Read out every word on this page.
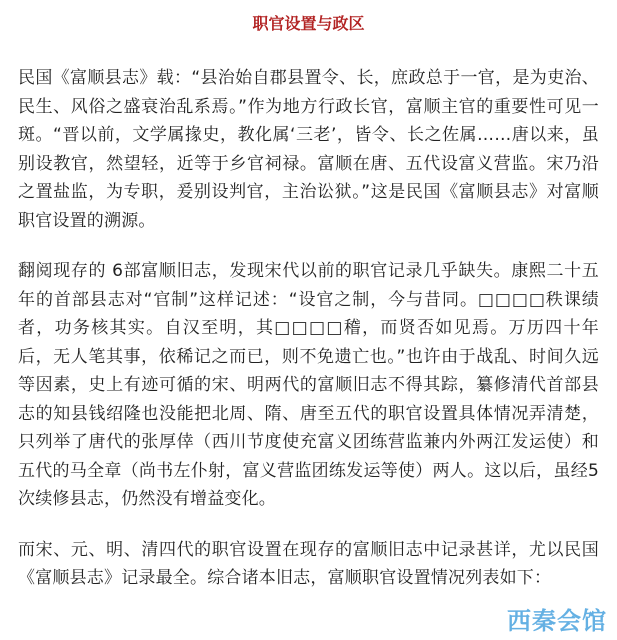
职官设置与政区

民国《富顺县志》载：“县治始自郡县置令、长，庶政总于一官，是为吏治、民生、风俗之盛衰治乱系焉。”作为地方行政长官，富顺主官的重要性可见一斑。“晋以前，文学属掾史，教化属‘三老’，皆令、长之佐属……唐以来，虽别设教官，然望轻，近等于乡官祠禄。富顺在唐、五代设富义营监。宋乃沿之置盐监，为专职，爰别设判官，主治讼狱。”这是民国《富顺县志》对富顺职官设置的溯源。

翻阅现存的 6部富顺旧志，发现宋代以前的职官记录几乎缺失。康熙二十五年的首部县志对“官制”这样记述：“设官之制，今与昔同。□□□□秩课绩者，功务核其实。自汉至明，其□□□□稽，而贤否如见焉。万历四十年后，无人笔其事，依稀记之而已，则不免遗亡也。”也许由于战乱、时间久远等因素，史上有迹可循的宋、明两代的富顺旧志不得其踪，纂修清代首部县志的知县钱绍隆也没能把北周、隋、唐至五代的职官设置具体情况弄清楚，只列举了唐代的张厚倖（西川节度使充富义团练营监兼内外两江发运使）和五代的马全章（尚书左仆射，富义营监团练发运等使）两人。这以后，虽经5次续修县志，仍然没有增益变化。

而宋、元、明、清四代的职官设置在现存的富顺旧志中记录甚详，尤以民国《富顺县志》记录最全。综合诸本旧志，富顺职官设置情况列表如下：

西秦会馆
